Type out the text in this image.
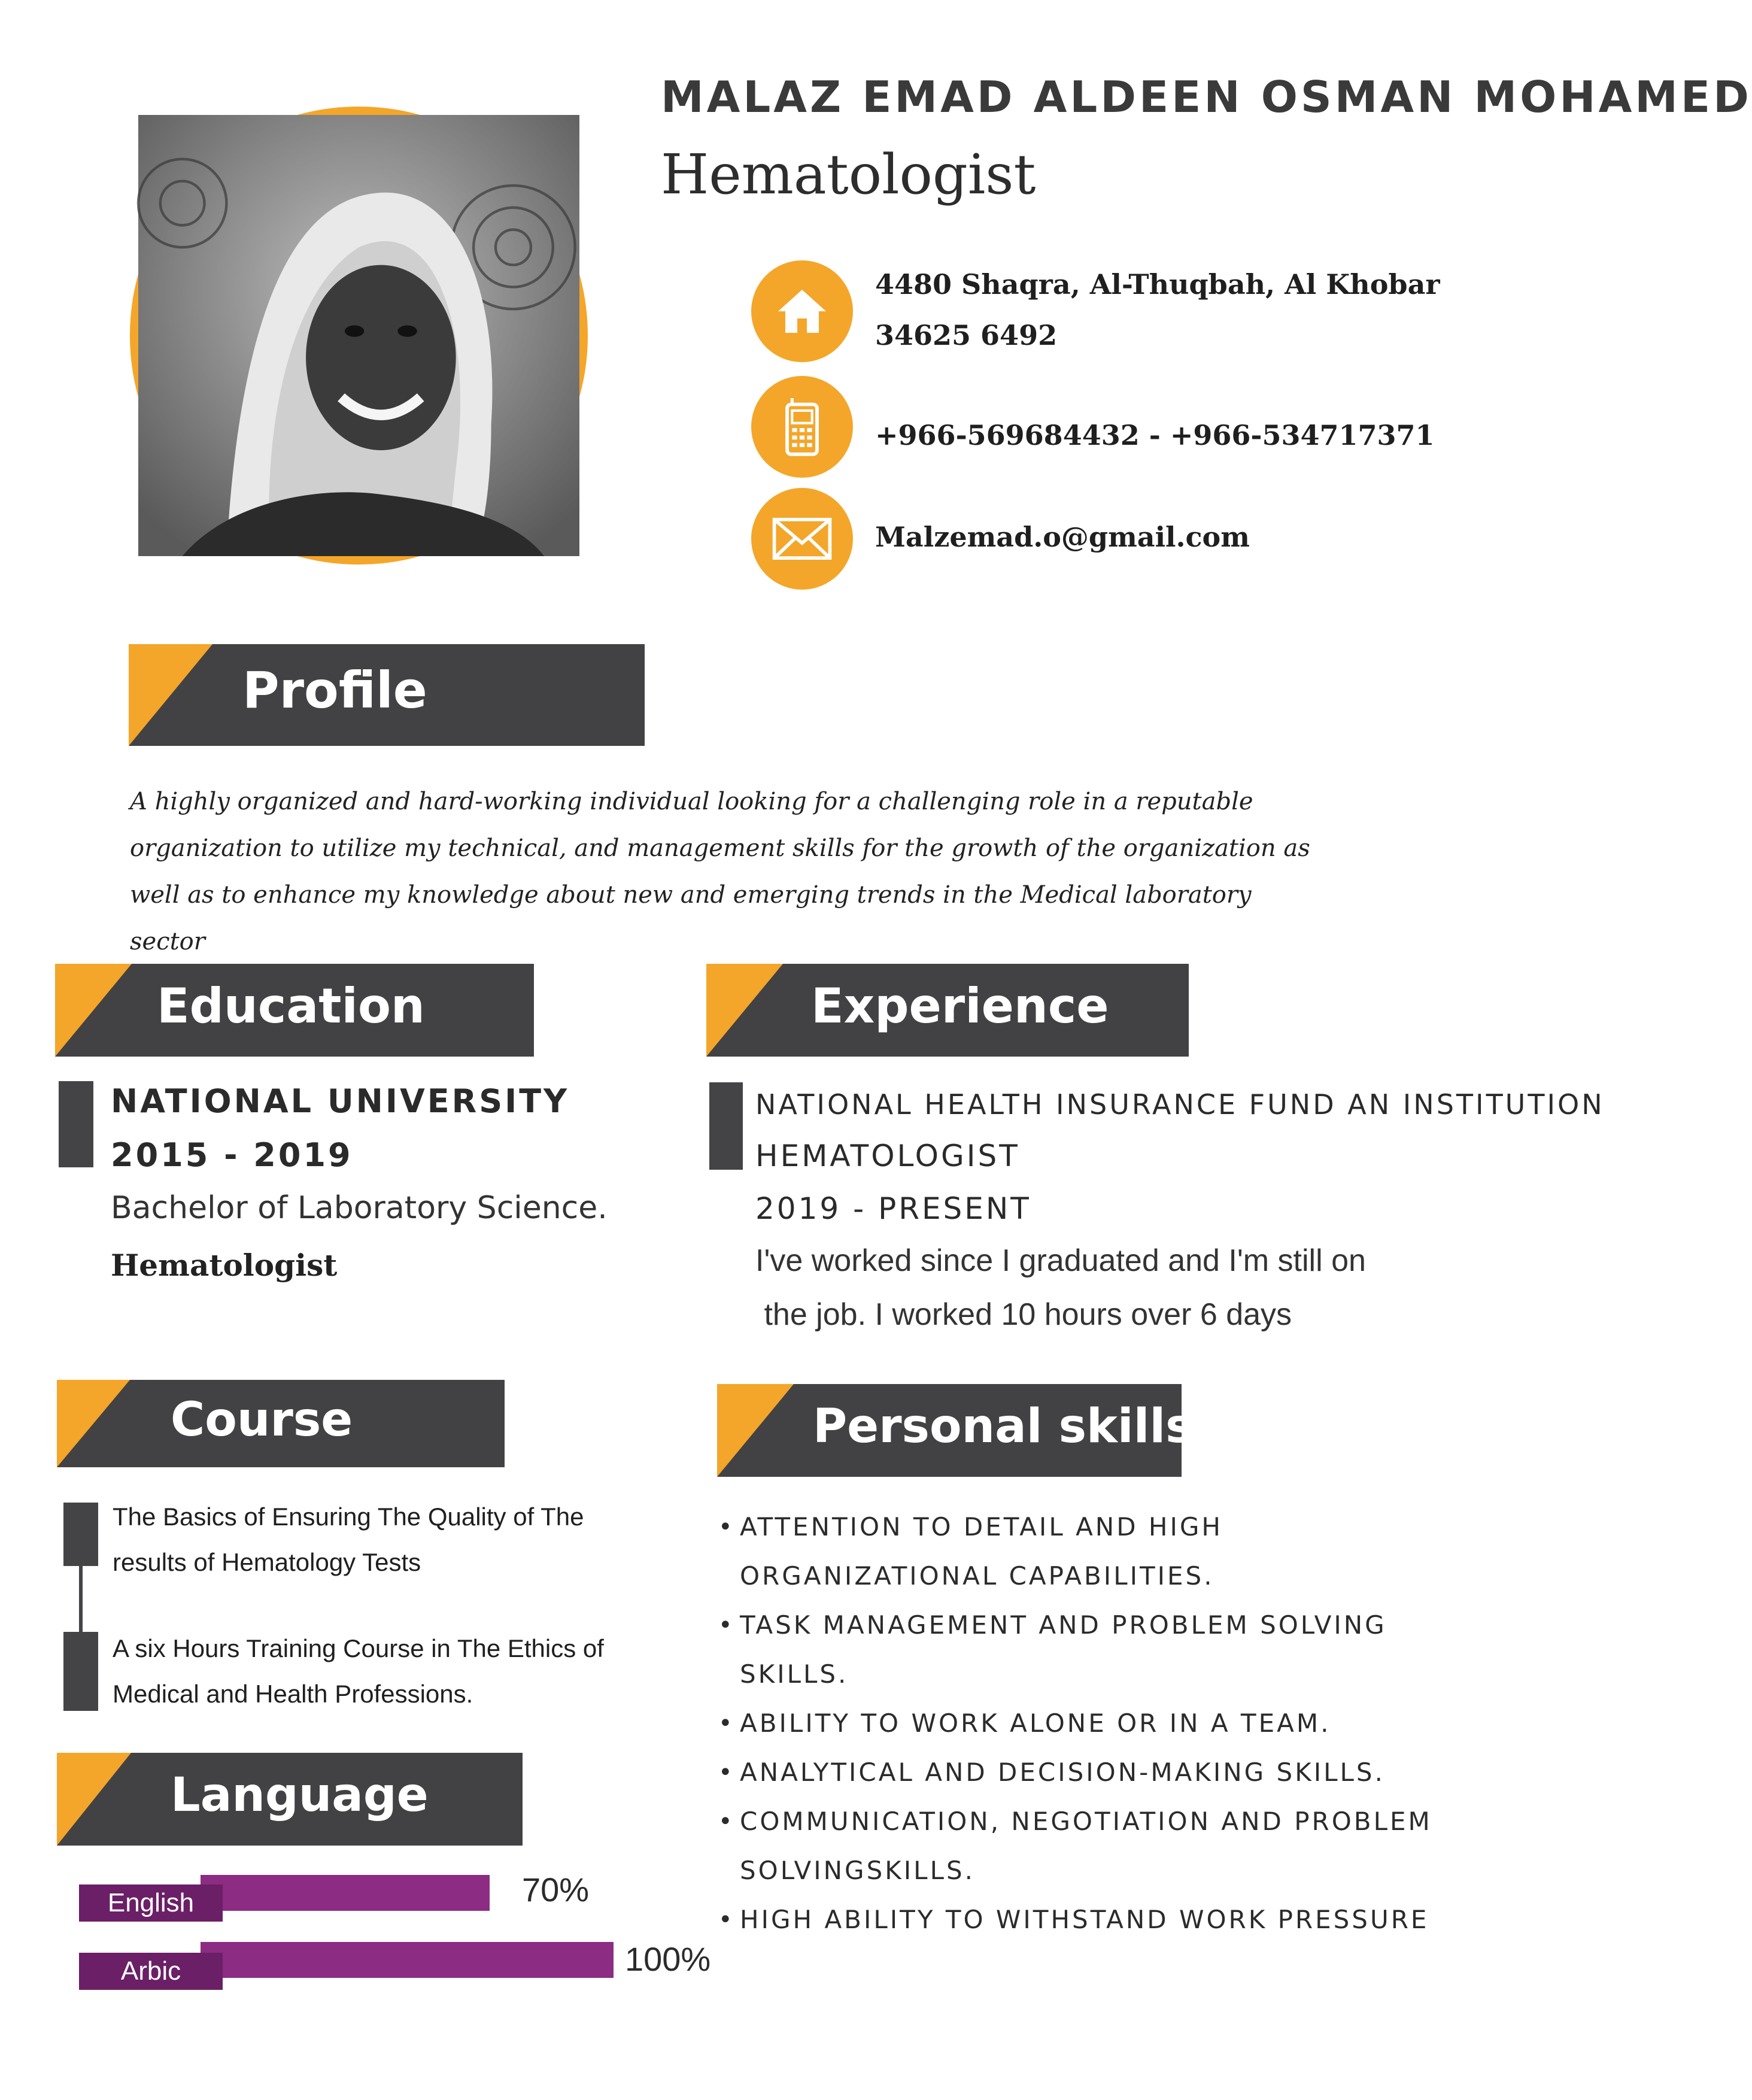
MALAZ EMAD ALDEEN OSMAN MOHAMED
Hematologist
4480 Shaqra, Al-Thuqbah, Al Khobar
34625 6492
+966-569684432 - +966-534717371
Malzemad.o@gmail.com
Profile
A highly organized and hard-working individual looking for a challenging role in a reputable
organization to utilize my technical, and management skills for the growth of the organization as
well as to enhance my knowledge about new and emerging trends in the Medical laboratory sector
Education
NATIONAL UNIVERSITY
2015 - 2019
Bachelor of Laboratory Science.
Hematologist
Experience
NATIONAL HEALTH INSURANCE FUND AN INSTITUTION
HEMATOLOGIST
2019 - PRESENT
I've worked since I graduated and I'm still on
the job. I worked 10 hours over 6 days
Course
The Basics of Ensuring The Quality of The
results of Hematology Tests
A six Hours Training Course in The Ethics of
Medical and Health Professions.
Personal skills
• ATTENTION TO DETAIL AND HIGH ORGANIZATIONAL CAPABILITIES.
• TASK MANAGEMENT AND PROBLEM SOLVING SKILLS.
• ABILITY TO WORK ALONE OR IN A TEAM.
• ANALYTICAL AND DECISION-MAKING SKILLS.
• COMMUNICATION, NEGOTIATION AND PROBLEM SOLVINGSKILLS.
• HIGH ABILITY TO WITHSTAND WORK PRESSURE
Language
English	70%
Arbic	100%
